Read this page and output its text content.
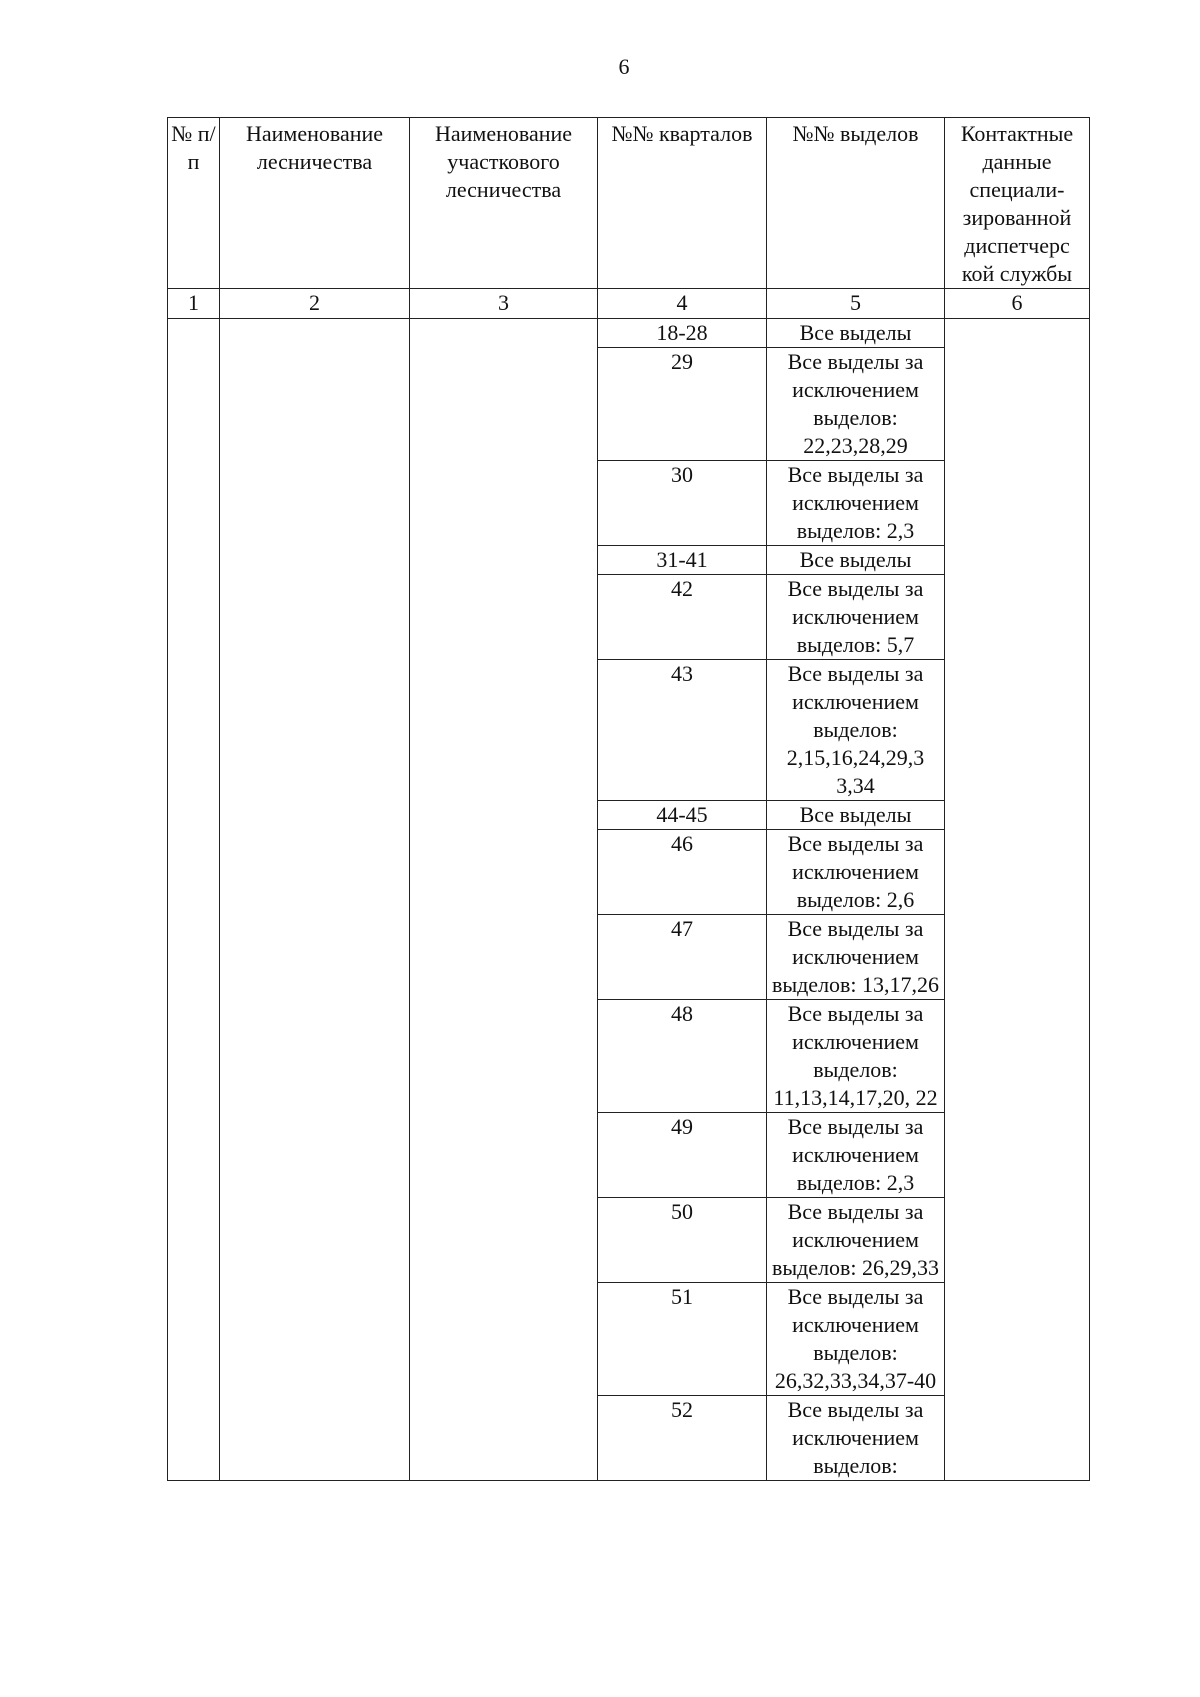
6
№ п/п	Наименование лесничества	Наименование участкового лесничества	№№ кварталов	№№ выделов	Контактные данные специали-зированной диспетчерс кой службы
1	2	3	4	5	6
			18-28	Все выделы	
			29	Все выделы за исключением выделов: 22,23,28,29	
			30	Все выделы за исключением выделов: 2,3	
			31-41	Все выделы	
			42	Все выделы за исключением выделов: 5,7	
			43	Все выделы за исключением выделов: 2,15,16,24,29,3 3,34	
			44-45	Все выделы	
			46	Все выделы за исключением выделов: 2,6	
			47	Все выделы за исключением выделов: 13,17,26	
			48	Все выделы за исключением выделов: 11,13,14,17,20, 22	
			49	Все выделы за исключением выделов: 2,3	
			50	Все выделы за исключением выделов: 26,29,33	
			51	Все выделы за исключением выделов: 26,32,33,34,37-40	
			52	Все выделы за исключением выделов:	
